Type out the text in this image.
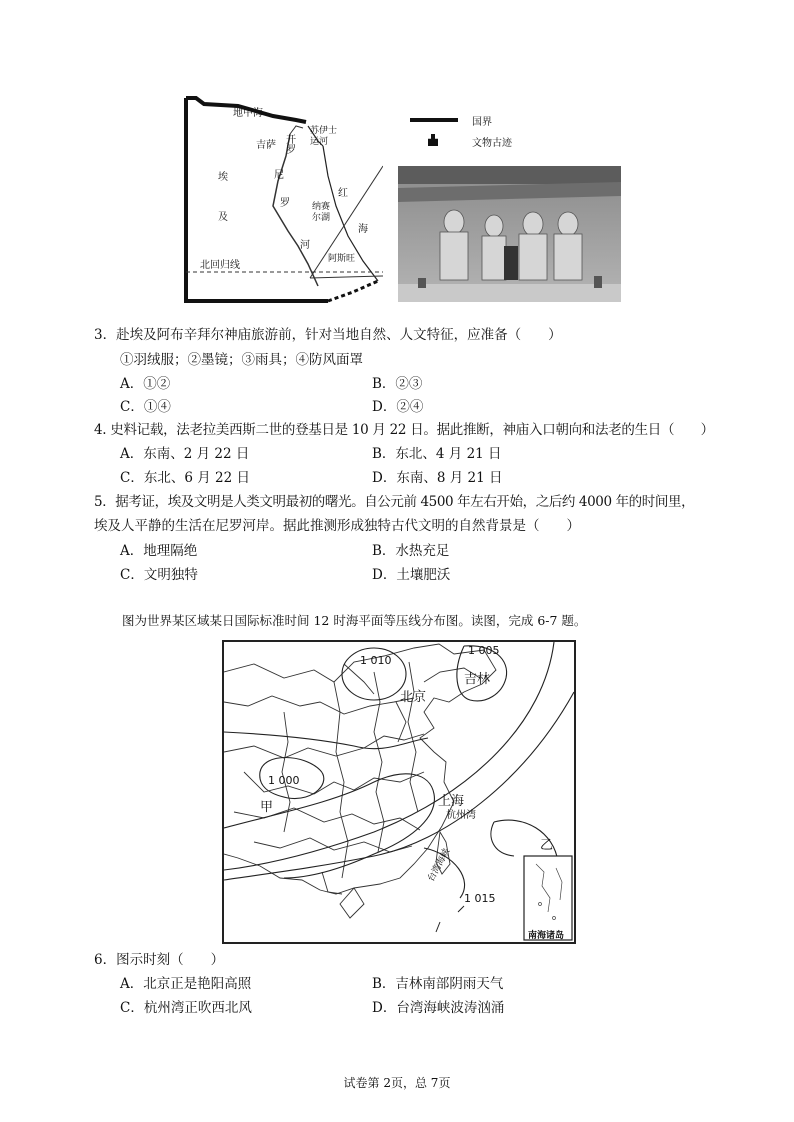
地中海
吉萨 开罗
苏伊士运河
尼
罗
河
红
海
埃
及
纳赛尔湖
阿斯旺
北回归线
国界
文物古迹
3．赴埃及阿布辛拜尔神庙旅游前，针对当地自然、人文特征，应准备（　　）
①羽绒服；②墨镜；③雨具；④防风面罩
A．①②	B．②③
C．①④	D．②④
4. 史料记载，法老拉美西斯二世的登基日是 10 月 22 日。据此推断，神庙入口朝向和法老的生日（　　）
A．东南、2 月 22 日	B．东北、4 月 21 日
C．东北、6 月 22 日	D．东南、8 月 21 日
5．据考证，埃及文明是人类文明最初的曙光。自公元前 4500 年左右开始，之后约 4000 年的时间里，
埃及人平静的生活在尼罗河岸。据此推测形成独特古代文明的自然背景是（　　）
A．地理隔绝	B．水热充足
C．文明独特	D．土壤肥沃
图为世界某区域某日国际标准时间 12 时海平面等压线分布图。读图，完成 6-7 题。
1 010
1 005
吉林
北京
1 000
甲	上海
杭州湾
乙
台湾海峡
1 015
南海诸岛
6．图示时刻（　　）
A．北京正是艳阳高照	B．吉林南部阴雨天气
C．杭州湾正吹西北风	D．台湾海峡波涛汹涌
试卷第 2页，总 7页
